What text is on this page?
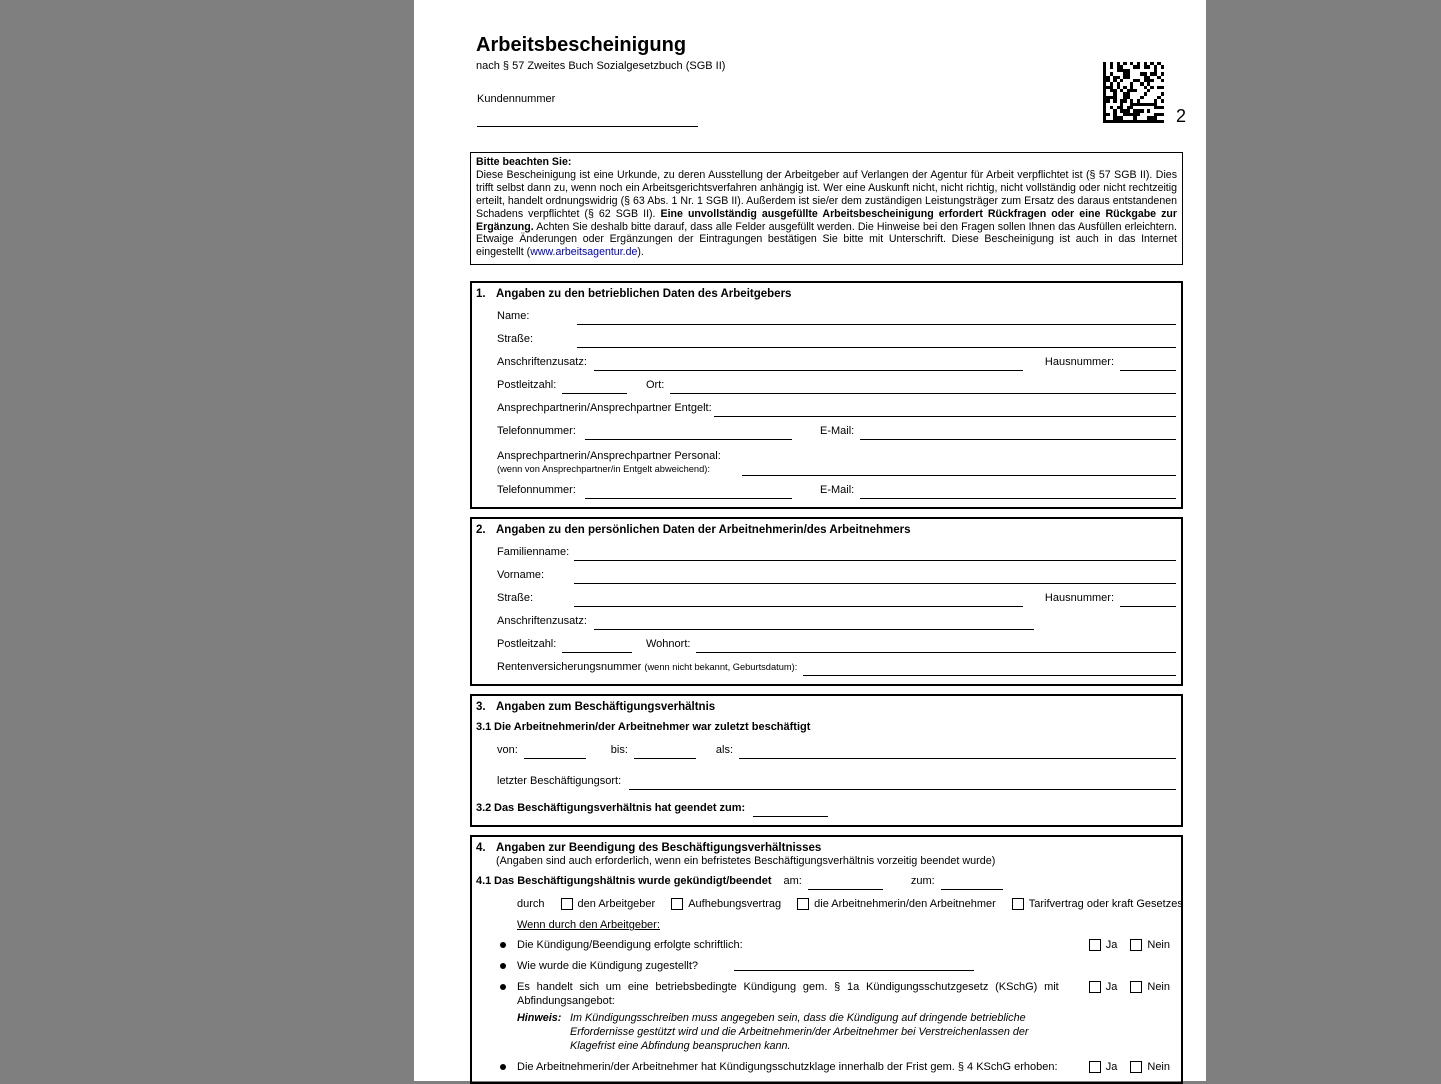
Arbeitsbescheinigung
nach § 57 Zweites Buch Sozialgesetzbuch (SGB II)
Kundennummer
2
Bitte beachten Sie:
Diese Bescheinigung ist eine Urkunde, zu deren Ausstellung der Arbeitgeber auf Verlangen der Agentur für Arbeit verpflichtet ist (§ 57 SGB II). Dies trifft selbst dann zu, wenn noch ein Arbeitsgerichtsverfahren anhängig ist. Wer eine Auskunft nicht, nicht richtig, nicht vollständig oder nicht rechtzeitig erteilt, handelt ordnungswidrig (§ 63 Abs. 1 Nr. 1 SGB II). Außerdem ist sie/er dem zuständigen Leistungsträger zum Ersatz des daraus entstandenen Schadens verpflichtet (§ 62 SGB II). Eine unvollständig ausgefüllte Arbeitsbescheinigung erfordert Rückfragen oder eine Rückgabe zur Ergänzung. Achten Sie deshalb bitte darauf, dass alle Felder ausgefüllt werden. Die Hinweise bei den Fragen sollen Ihnen das Ausfüllen erleichtern. Etwaige Änderungen oder Ergänzungen der Eintragungen bestätigen Sie bitte mit Unterschrift. Diese Bescheinigung ist auch in das Internet eingestellt (www.arbeitsagentur.de).
1. Angaben zu den betrieblichen Daten des Arbeitgebers
Name:
Straße:
Anschriftenzusatz:	Hausnummer:
Postleitzahl:	Ort:
Ansprechpartnerin/Ansprechpartner Entgelt:
Telefonnummer:	E-Mail:
Ansprechpartnerin/Ansprechpartner Personal:
(wenn von Ansprechpartner/in Entgelt abweichend):
Telefonnummer:	E-Mail:
2. Angaben zu den persönlichen Daten der Arbeitnehmerin/des Arbeitnehmers
Familienname:
Vorname:
Straße:	Hausnummer:
Anschriftenzusatz:
Postleitzahl:	Wohnort:
Rentenversicherungsnummer (wenn nicht bekannt, Geburtsdatum):
3. Angaben zum Beschäftigungsverhältnis
3.1 Die Arbeitnehmerin/der Arbeitnehmer war zuletzt beschäftigt
von:	bis:	als:
letzter Beschäftigungsort:
3.2 Das Beschäftigungsverhältnis hat geendet zum:
4. Angaben zur Beendigung des Beschäftigungsverhältnisses
(Angaben sind auch erforderlich, wenn ein befristetes Beschäftigungsverhältnis vorzeitig beendet wurde)
4.1 Das Beschäftigungshältnis wurde gekündigt/beendet am:	zum:
durch	den Arbeitgeber	Aufhebungsvertrag	die Arbeitnehmerin/den Arbeitnehmer	Tarifvertrag oder kraft Gesetzes
Wenn durch den Arbeitgeber:
Die Kündigung/Beendigung erfolgte schriftlich:	Ja	Nein
Wie wurde die Kündigung zugestellt?
Es handelt sich um eine betriebsbedingte Kündigung gem. § 1a Kündigungsschutzgesetz (KSchG) mit Abfindungsangebot:
Ja	Nein
Hinweis: Im Kündigungsschreiben muss angegeben sein, dass die Kündigung auf dringende betriebliche Erfordernisse gestützt wird und die Arbeitnehmerin/der Arbeitnehmer bei Verstreichenlassen der Klagefrist eine Abfindung beanspruchen kann.
Die Arbeitnehmerin/der Arbeitnehmer hat Kündigungsschutzklage innerhalb der Frist gem. § 4 KSchG erhoben:	Ja	Nein
